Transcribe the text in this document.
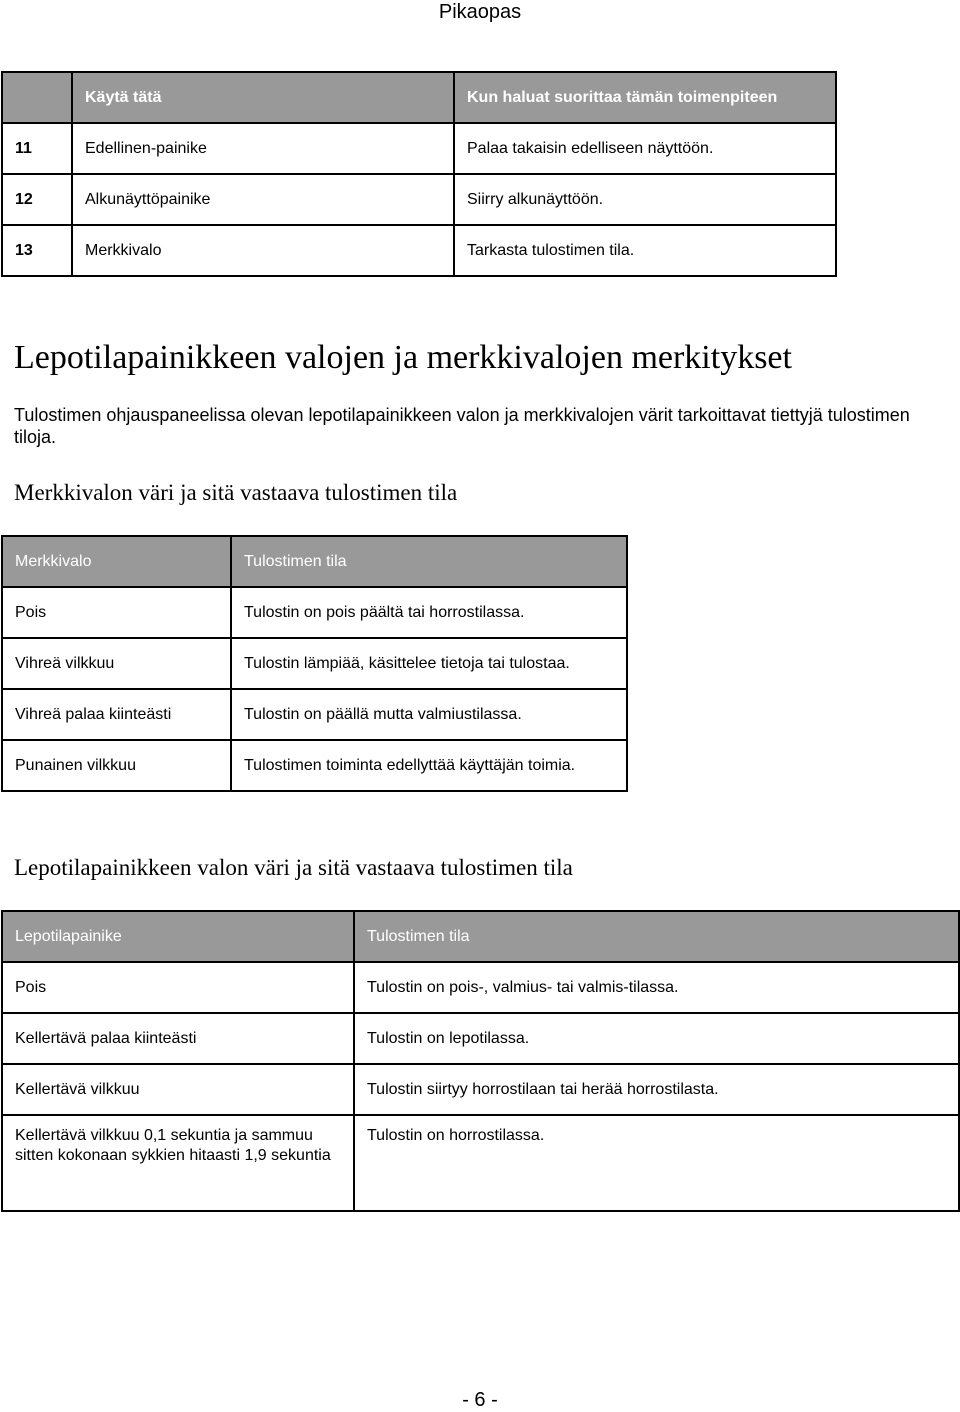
Pikaopas
	Käytä tätä	Kun haluat suorittaa tämän toimenpiteen
11	Edellinen-painike	Palaa takaisin edelliseen näyttöön.
12	Alkunäyttöpainike	Siirry alkunäyttöön.
13	Merkkivalo	Tarkasta tulostimen tila.
Lepotilapainikkeen valojen ja merkkivalojen merkitykset
Tulostimen ohjauspaneelissa olevan lepotilapainikkeen valon ja merkkivalojen värit tarkoittavat tiettyjä tulostimen tiloja.
Merkkivalon väri ja sitä vastaava tulostimen tila
Merkkivalo	Tulostimen tila
Pois	Tulostin on pois päältä tai horrostilassa.
Vihreä vilkkuu	Tulostin lämpiää, käsittelee tietoja tai tulostaa.
Vihreä palaa kiinteästi	Tulostin on päällä mutta valmiustilassa.
Punainen vilkkuu	Tulostimen toiminta edellyttää käyttäjän toimia.
Lepotilapainikkeen valon väri ja sitä vastaava tulostimen tila
Lepotilapainike	Tulostimen tila
Pois	Tulostin on pois-, valmius- tai valmis-tilassa.
Kellertävä palaa kiinteästi	Tulostin on lepotilassa.
Kellertävä vilkkuu	Tulostin siirtyy horrostilaan tai herää horrostilasta.
Kellertävä vilkkuu 0,1 sekuntia ja sammuu sitten kokonaan sykkien hitaasti 1,9 sekuntia	Tulostin on horrostilassa.
- 6 -
